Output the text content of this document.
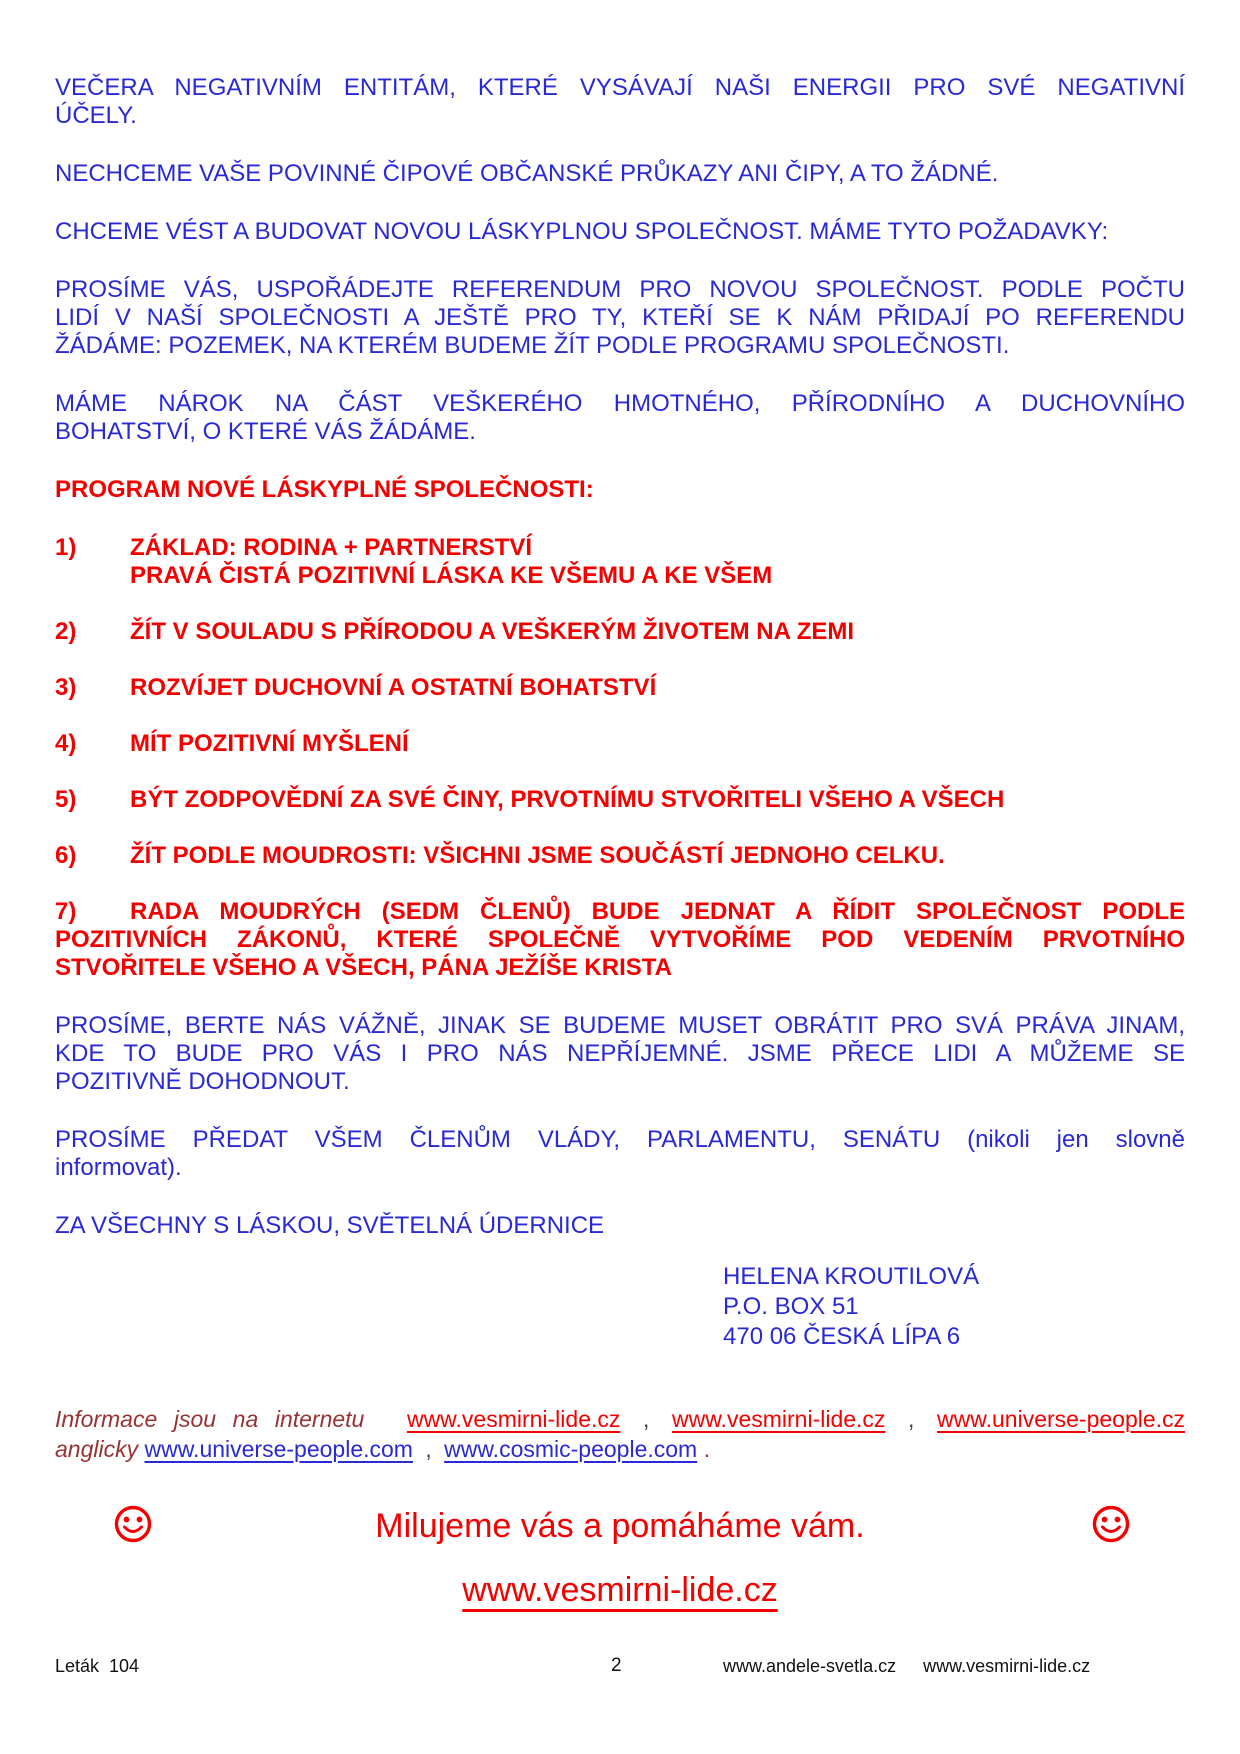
VEČERA NEGATIVNÍM ENTITÁM, KTERÉ VYSÁVAJÍ NAŠI ENERGII PRO SVÉ NEGATIVNÍ
ÚČELY.
NECHCEME VAŠE POVINNÉ ČIPOVÉ OBČANSKÉ PRŮKAZY ANI ČIPY, A TO ŽÁDNÉ.
CHCEME VÉST A BUDOVAT NOVOU LÁSKYPLNOU SPOLEČNOST. MÁME TYTO POŽADAVKY:
PROSÍME VÁS, USPOŘÁDEJTE REFERENDUM PRO NOVOU SPOLEČNOST. PODLE POČTU
LIDÍ V NAŠÍ SPOLEČNOSTI A JEŠTĚ PRO TY, KTEŘÍ SE K NÁM PŘIDAJÍ PO REFERENDU
ŽÁDÁME: POZEMEK, NA KTERÉM BUDEME ŽÍT PODLE PROGRAMU SPOLEČNOSTI.
MÁME NÁROK NA ČÁST VEŠKERÉHO HMOTNÉHO, PŘÍRODNÍHO A DUCHOVNÍHO
BOHATSTVÍ, O KTERÉ VÁS ŽÁDÁME.
PROGRAM NOVÉ LÁSKYPLNÉ SPOLEČNOSTI:
1) ZÁKLAD: RODINA + PARTNERSTVÍ
PRAVÁ ČISTÁ POZITIVNÍ LÁSKA KE VŠEMU A KE VŠEM
2) ŽÍT V SOULADU S PŘÍRODOU A VEŠKERÝM ŽIVOTEM NA ZEMI
3) ROZVÍJET DUCHOVNÍ A OSTATNÍ BOHATSTVÍ
4) MÍT POZITIVNÍ MYŠLENÍ
5) BÝT ZODPOVĚDNÍ ZA SVÉ ČINY, PRVOTNÍMU STVOŘITELI VŠEHO A VŠECH
6) ŽÍT PODLE MOUDROSTI: VŠICHNI JSME SOUČÁSTÍ JEDNOHO CELKU.
7) RADA MOUDRÝCH (SEDM ČLENŮ) BUDE JEDNAT A ŘÍDIT SPOLEČNOST PODLE
POZITIVNÍCH ZÁKONŮ, KTERÉ SPOLEČNĚ VYTVOŘÍME POD VEDENÍM PRVOTNÍHO
STVOŘITELE VŠEHO A VŠECH, PÁNA JEŽÍŠE KRISTA
PROSÍME, BERTE NÁS VÁŽNĚ, JINAK SE BUDEME MUSET OBRÁTIT PRO SVÁ PRÁVA JINAM,
KDE TO BUDE PRO VÁS I PRO NÁS NEPŘÍJEMNÉ. JSME PŘECE LIDI A MŮŽEME SE
POZITIVNĚ DOHODNOUT.
PROSÍME PŘEDAT VŠEM ČLENŮM VLÁDY, PARLAMENTU, SENÁTU (nikoli jen slovně
informovat).
ZA VŠECHNY S LÁSKOU, SVĚTELNÁ ÚDERNICE
HELENA KROUTILOVÁ
P.O. BOX 51
470 06 ČESKÁ LÍPA 6
Informace jsou na internetu www.vesmirni-lide.cz , www.vesmirni-lide.cz , www.universe-people.cz
anglicky www.universe-people.com , www.cosmic-people.com .
Milujeme vás a pomáháme vám.
www.vesmirni-lide.cz
Leták  104	2	www.andele-svetla.cz www.vesmirni-lide.cz
